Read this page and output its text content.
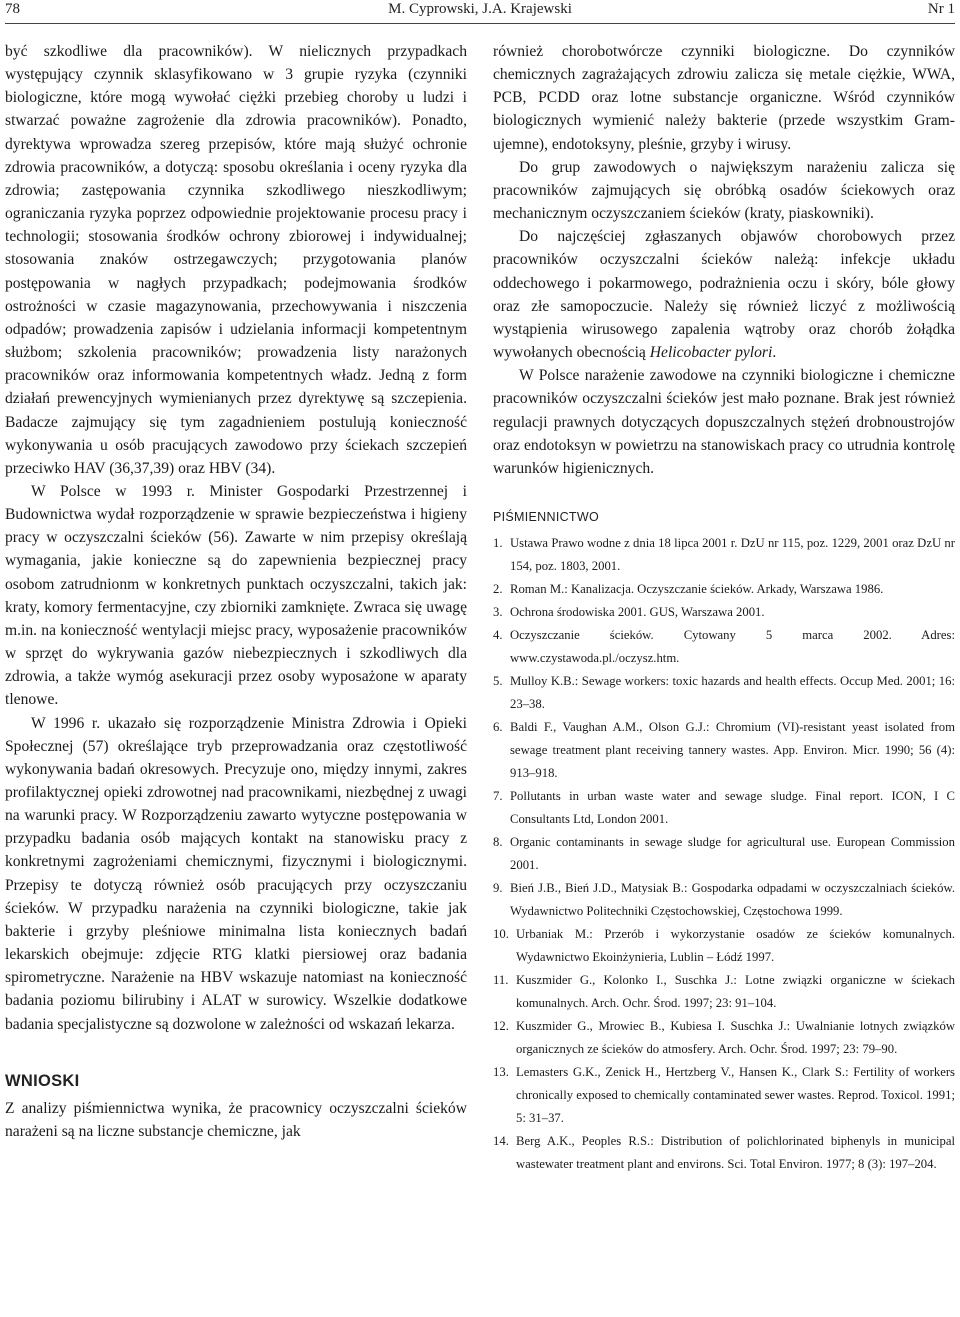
78	M. Cyprowski, J.A. Krajewski	Nr 1

być szkodliwe dla pracowników). W nielicznych przypadkach występujący czynnik sklasyfikowano w 3 grupie ryzyka (czynniki biologiczne, które mogą wywołać ciężki przebieg choroby u ludzi i stwarzać poważne zagrożenie dla zdrowia pracowników). Ponadto, dyrektywa wprowadza szereg przepisów, które mają służyć ochronie zdrowia pracowników, a dotyczą: sposobu określania i oceny ryzyka dla zdrowia; zastępowania czynnika szkodliwego nieszkodliwym; ograniczania ryzyka poprzez odpowiednie projektowanie procesu pracy i technologii; stosowania środków ochrony zbiorowej i indywidualnej; stosowania znaków ostrzegawczych; przygotowania planów postępowania w nagłych przypadkach; podejmowania środków ostrożności w czasie magazynowania, przechowywania i niszczenia odpadów; prowadzenia zapisów i udzielania informacji kompetentnym służbom; szkolenia pracowników; prowadzenia listy narażonych pracowników oraz informowania kompetentnych władz. Jedną z form działań prewencyjnych wymienianych przez dyrektywę są szczepienia. Badacze zajmujący się tym zagadnieniem postulują konieczność wykonywania u osób pracujących zawodowo przy ściekach szczepień przeciwko HAV (36,37,39) oraz HBV (34).

W Polsce w 1993 r. Minister Gospodarki Przestrzennej i Budownictwa wydał rozporządzenie w sprawie bezpieczeństwa i higieny pracy w oczyszczalni ścieków (56). Zawarte w nim przepisy określają wymagania, jakie konieczne są do zapewnienia bezpiecznej pracy osobom zatrudnionm w konkretnych punktach oczyszczalni, takich jak: kraty, komory fermentacyjne, czy zbiorniki zamknięte. Zwraca się uwagę m.in. na konieczność wentylacji miejsc pracy, wyposażenie pracowników w sprzęt do wykrywania gazów niebezpiecznych i szkodliwych dla zdrowia, a także wymóg asekuracji przez osoby wyposażone w aparaty tlenowe.

W 1996 r. ukazało się rozporządzenie Ministra Zdrowia i Opieki Społecznej (57) określające tryb przeprowadzania oraz częstotliwość wykonywania badań okresowych. Precyzuje ono, między innymi, zakres profilaktycznej opieki zdrowotnej nad pracownikami, niezbędnej z uwagi na warunki pracy. W Rozporządzeniu zawarto wytyczne postępowania w przypadku badania osób mających kontakt na stanowisku pracy z konkretnymi zagrożeniami chemicznymi, fizycznymi i biologicznymi. Przepisy te dotyczą również osób pracujących przy oczyszczaniu ścieków. W przypadku narażenia na czynniki biologiczne, takie jak bakterie i grzyby pleśniowe minimalna lista koniecznych badań lekarskich obejmuje: zdjęcie RTG klatki piersiowej oraz badania spirometryczne. Narażenie na HBV wskazuje natomiast na konieczność badania poziomu bilirubiny i ALAT w surowicy. Wszelkie dodatkowe badania specjalistyczne są dozwolone w zależności od wskazań lekarza.

WNIOSKI

Z analizy piśmiennictwa wynika, że pracownicy oczyszczalni ścieków narażeni są na liczne substancje chemiczne, jak

również chorobotwórcze czynniki biologiczne. Do czynników chemicznych zagrażających zdrowiu zalicza się metale ciężkie, WWA, PCB, PCDD oraz lotne substancje organiczne. Wśród czynników biologicznych wymienić należy bakterie (przede wszystkim Gram-ujemne), endotoksyny, pleśnie, grzyby i wirusy.

Do grup zawodowych o największym narażeniu zalicza się pracowników zajmujących się obróbką osadów ściekowych oraz mechanicznym oczyszczaniem ścieków (kraty, piaskowniki).

Do najczęściej zgłaszanych objawów chorobowych przez pracowników oczyszczalni ścieków należą: infekcje układu oddechowego i pokarmowego, podrażnienia oczu i skóry, bóle głowy oraz złe samopoczucie. Należy się również liczyć z możliwością wystąpienia wirusowego zapalenia wątroby oraz chorób żołądka wywołanych obecnością Helicobacter pylori.

W Polsce narażenie zawodowe na czynniki biologiczne i chemiczne pracowników oczyszczalni ścieków jest mało poznane. Brak jest również regulacji prawnych dotyczących dopuszczalnych stężeń drobnoustrojów oraz endotoksyn w powietrzu na stanowiskach pracy co utrudnia kontrolę warunków higienicznych.

PIŚMIENNICTWO
1. Ustawa Prawo wodne z dnia 18 lipca 2001 r. DzU nr 115, poz. 1229, 2001 oraz DzU nr 154, poz. 1803, 2001.
2. Roman M.: Kanalizacja. Oczyszczanie ścieków. Arkady, Warszawa 1986.
3. Ochrona środowiska 2001. GUS, Warszawa 2001.
4. Oczyszczanie ścieków. Cytowany 5 marca 2002. Adres: www.czystawoda.pl./oczysz.htm.
5. Mulloy K.B.: Sewage workers: toxic hazards and health effects. Occup Med. 2001; 16: 23–38.
6. Baldi F., Vaughan A.M., Olson G.J.: Chromium (VI)-resistant yeast isolated from sewage treatment plant receiving tannery wastes. App. Environ. Micr. 1990; 56 (4): 913–918.
7. Pollutants in urban waste water and sewage sludge. Final report. ICON, I C Consultants Ltd, London 2001.
8. Organic contaminants in sewage sludge for agricultural use. European Commission 2001.
9. Bień J.B., Bień J.D., Matysiak B.: Gospodarka odpadami w oczyszczalniach ścieków. Wydawnictwo Politechniki Częstochowskiej, Częstochowa 1999.
10. Urbaniak M.: Przerób i wykorzystanie osadów ze ścieków komunalnych. Wydawnictwo Ekoinżynieria, Lublin – Łódź 1997.
11. Kuszmider G., Kolonko I., Suschka J.: Lotne związki organiczne w ściekach komunalnych. Arch. Ochr. Środ. 1997; 23: 91–104.
12. Kuszmider G., Mrowiec B., Kubiesa I. Suschka J.: Uwalnianie lotnych związków organicznych ze ścieków do atmosfery. Arch. Ochr. Środ. 1997; 23: 79–90.
13. Lemasters G.K., Zenick H., Hertzberg V., Hansen K., Clark S.: Fertility of workers chronically exposed to chemically contaminated sewer wastes. Reprod. Toxicol. 1991; 5: 31–37.
14. Berg A.K., Peoples R.S.: Distribution of polichlorinated biphenyls in municipal wastewater treatment plant and environs. Sci. Total Environ. 1977; 8 (3): 197–204.
